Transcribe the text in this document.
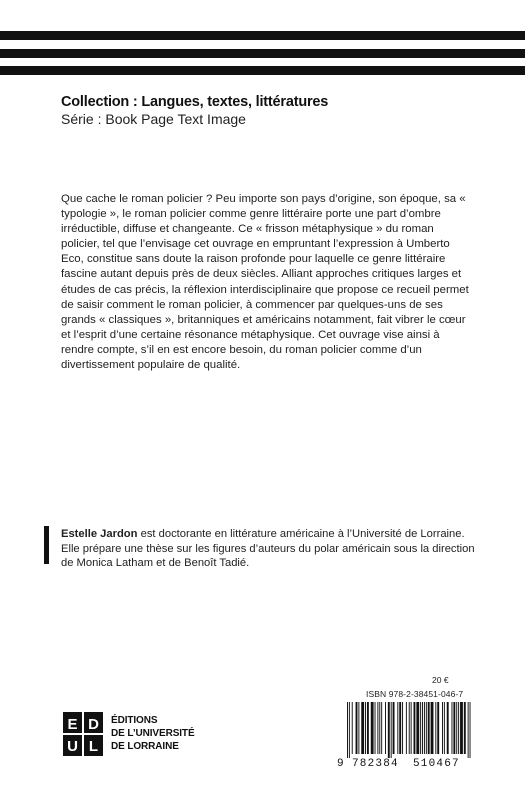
Collection : Langues, textes, littératures
Série : Book Page Text Image

Que cache le roman policier ? Peu importe son pays d’origine, son époque, sa « typologie », le roman policier comme genre littéraire porte une part d’ombre irréductible, diffuse et changeante. Ce « frisson métaphysique » du roman policier, tel que l’envisage cet ouvrage en empruntant l’expression à Umberto Eco, constitue sans doute la raison profonde pour laquelle ce genre littéraire fascine autant depuis près de deux siècles. Alliant approches critiques larges et études de cas précis, la réflexion interdisciplinaire que propose ce recueil permet de saisir comment le roman policier, à commencer par quelques-uns de ses grands « classiques », britanniques et américains notamment, fait vibrer le cœur et l’esprit d’une certaine résonance métaphysique. Cet ouvrage vise ainsi à rendre compte, s’il en est encore besoin, du roman policier comme d’un divertissement populaire de qualité.

Estelle Jardon est doctorante en littérature américaine à l’Université de Lorraine. Elle prépare une thèse sur les figures d’auteurs du polar américain sous la direction de Monica Latham et de Benoît Tadié.

20 €
ISBN 978-2-38451-046-7
9 782384 510467
E D
U L
ÉDITIONS
DE L’UNIVERSITÉ
DE LORRAINE
